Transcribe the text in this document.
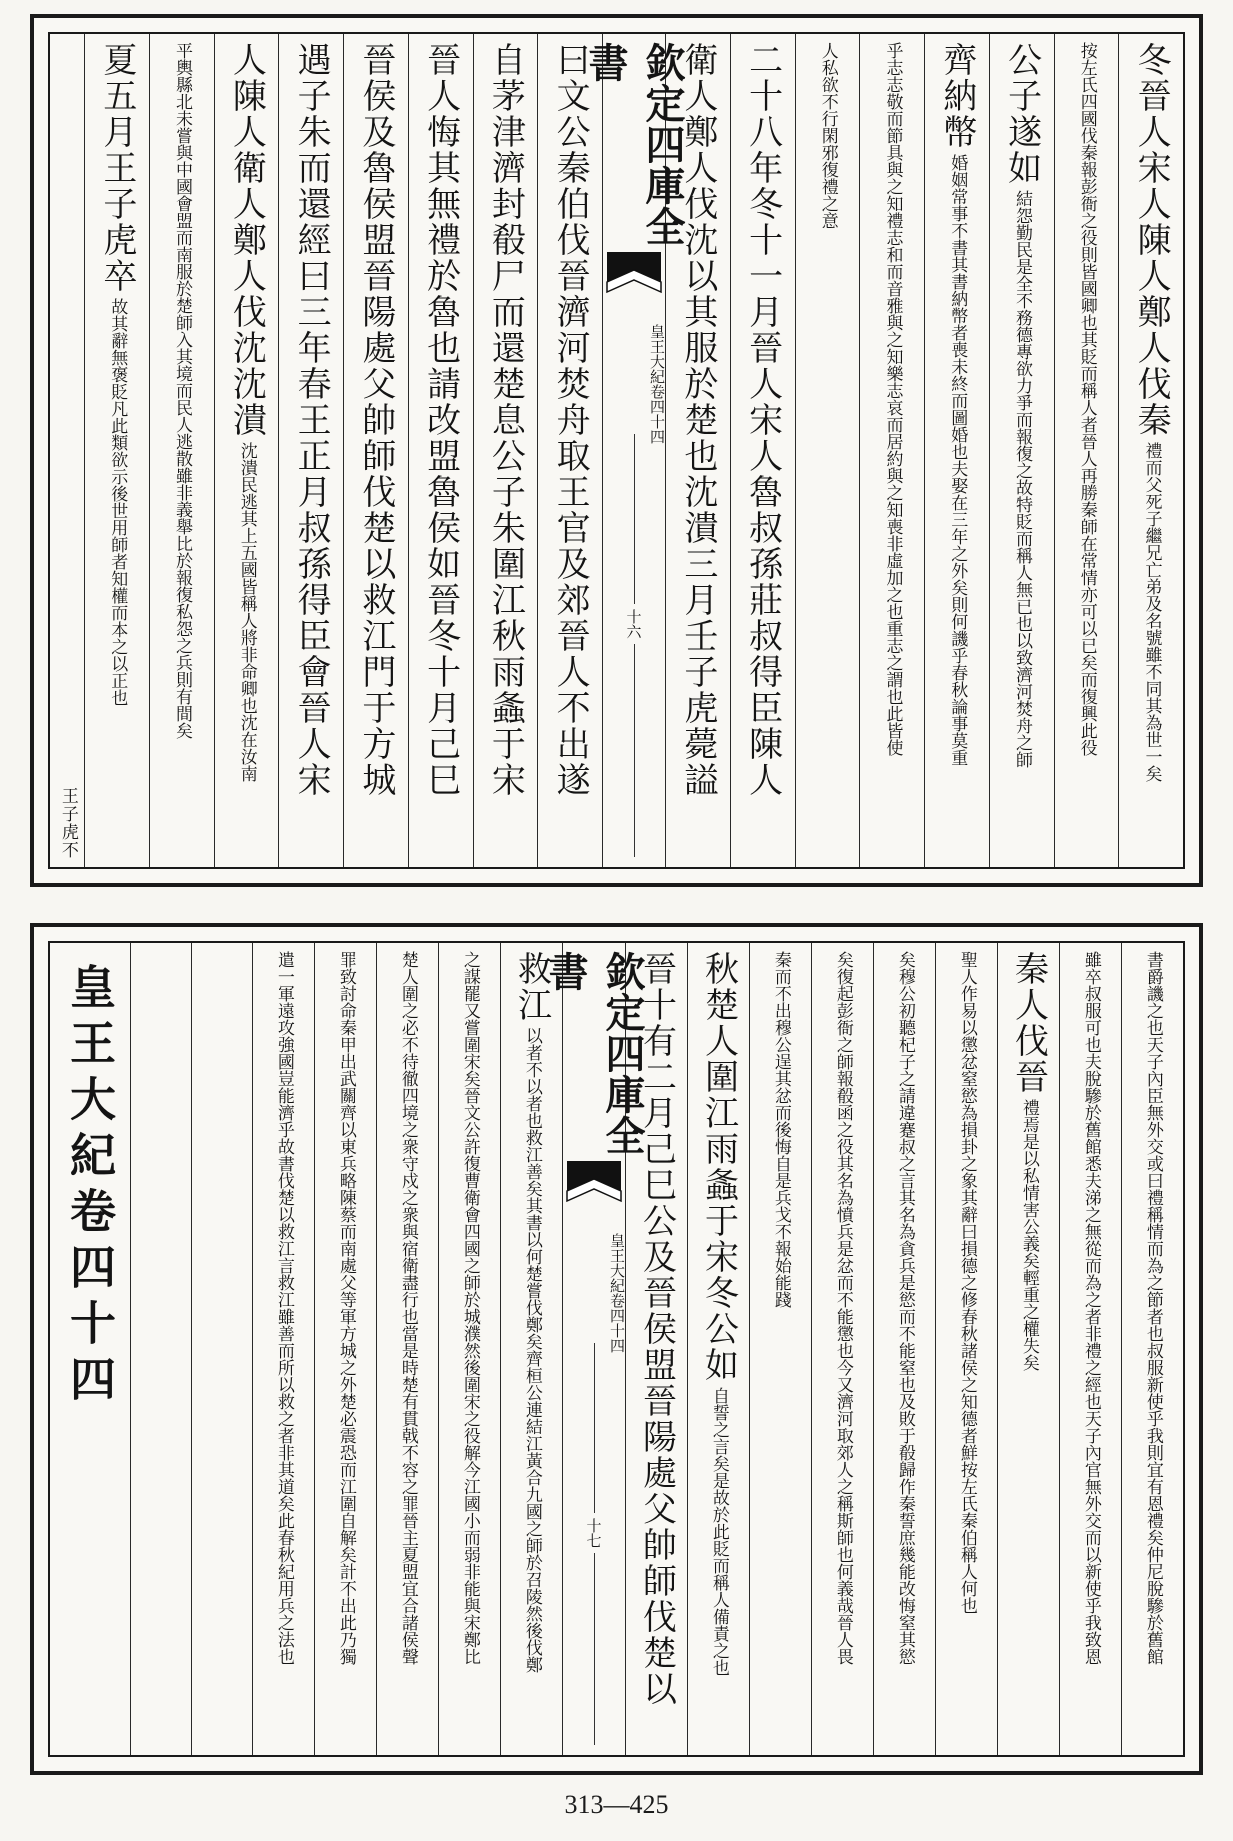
冬晉人宋人陳人鄭人伐秦
禮而父死子繼兄亡弟及名號雖不同其為世一矣
按左氏四國伐秦報彭衙之役則皆國卿也其貶而稱人者晉人再勝秦師在常情亦可以已矣而復興此役
公子遂如
結怨勤民是全不務德專欲力爭而報復之故特貶而稱人無已也以致濟河焚舟之師
齊納幣
婚姻常事不書其書納幣者喪未終而圖婚也夫娶在三年之外矣則何譏乎春秋論事莫重
乎志志敬而節具與之知禮志和而音雅與之知樂志哀而居約與之知喪非虛加之也重志之謂也此皆使
人私欲不行閑邪復禮之意
二十八年冬十一月晉人宋人魯叔孫莊叔得臣陳人
衛人鄭人伐沈以其服於楚也沈潰三月壬子虎薨謚
欽定四庫全書
皇王大紀卷四十四
十六
曰文公秦伯伐晉濟河焚舟取王官及郊晉人不出遂
自茅津濟封殽尸而還楚息公子朱圍江秋雨螽于宋
晉人悔其無禮於魯也請改盟魯侯如晉冬十月己巳
晉侯及魯侯盟晉陽處父帥師伐楚以救江門于方城
遇子朱而還經曰三年春王正月叔孫得臣會晉人宋
人陳人衛人鄭人伐沈沈潰
沈潰民逃其上五國皆稱人將非命卿也沈在汝南
平輿縣北未嘗與中國會盟而南服於楚師入其境而民人逃散雖非義舉比於報復私怨之兵則有間矣
夏五月王子虎卒
故其辭無褒貶凡此類欲示後世用師者知權而本之以正也
王子虎不
書爵譏之也天子內臣無外交或曰禮稱情而為之節者也叔服新使乎我則宜有恩禮矣仲尼脫驂於舊館
雖卒叔服可也夫脫驂於舊館悉夫涕之無從而為之者非禮之經也天子內官無外交而以新使乎我致恩
秦人伐晉
禮焉是以私情害公義矣輕重之權失矣
聖人作易以懲忿窒慾為損卦之象其辭曰損德之修春秋諸侯之知德者鮮按左氏秦伯稱人何也
矣穆公初聽杞子之請違蹇叔之言其名為貪兵是慾而不能窒也及敗于殽歸作秦誓庶幾能改悔窒其慾
矣復起彭衙之師報殽函之役其名為憤兵是忿而不能懲也今又濟河取郊人之稱斯師也何義哉晉人畏
秦而不出穆公逞其忿而後悔自是兵戈不報始能踐
秋楚人圍江雨螽于宋冬公如
自誓之言矣是故於此貶而稱人備責之也
晉十有二月己巳公及晉侯盟晉陽處父帥師伐楚以
欽定四庫全書
皇王大紀卷四十四
十七
救江
以者不以者也救江善矣其書以何楚嘗伐鄭矣齊桓公連結江黃合九國之師於召陵然後伐鄭
之謀罷又嘗圍宋矣晉文公許復曹衛會四國之師於城濮然後圍宋之役解今江國小而弱非能與宋鄭比
楚人圍之必不待徹四境之衆守戍之衆與宿衛盡行也當是時楚有貫戟不容之罪晉主夏盟宜合諸侯聲
罪致討命秦甲出武關齊以東兵略陳蔡而南處父等軍方城之外楚必震恐而江圍自解矣計不出此乃獨
遣一軍遠攻強國豈能濟乎故書伐楚以救江言救江雖善而所以救之者非其道矣此春秋紀用兵之法也
皇王大紀卷四十四
313—425
